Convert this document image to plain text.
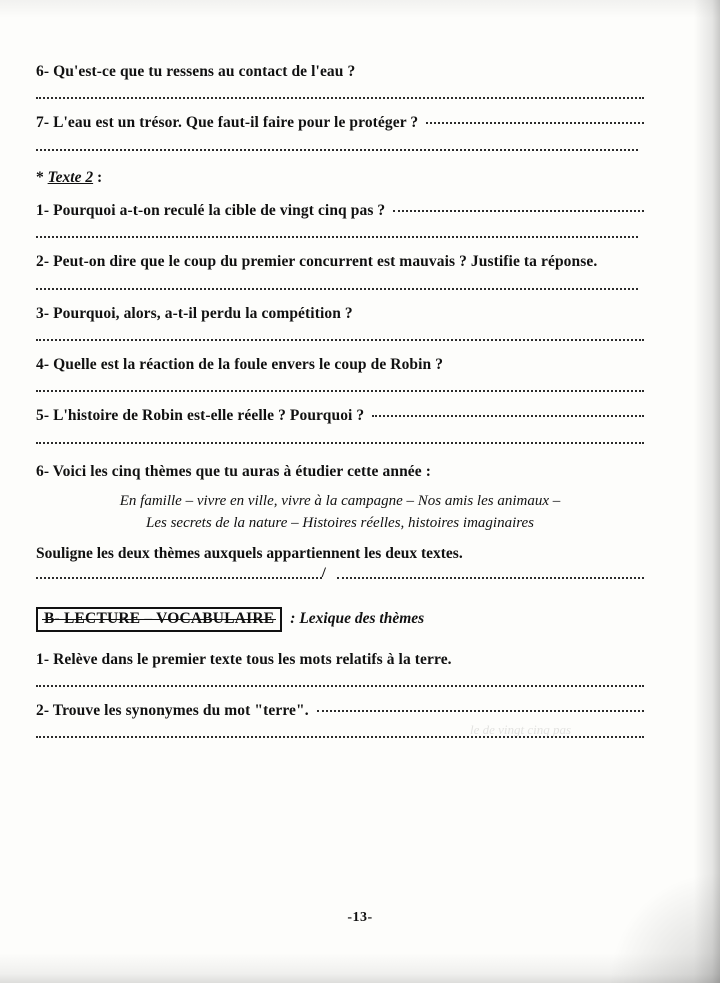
6- Qu'est-ce que tu ressens au contact de l'eau ?

7- L'eau est un trésor. Que faut-il faire pour le protéger ?

* Texte 2 :

1- Pourquoi a-t-on reculé la cible de vingt cinq pas ?

2- Peut-on dire que le coup du premier concurrent est mauvais ? Justifie ta réponse.

3- Pourquoi, alors, a-t-il perdu la compétition ?

4- Quelle est la réaction de la foule envers le coup de Robin ?

5- L'histoire de Robin est-elle réelle ? Pourquoi ?

6- Voici les cinq thèmes que tu auras à étudier cette année :

En famille – vivre en ville, vivre à la campagne – Nos amis les animaux –
Les secrets de la nature – Histoires réelles, histoires imaginaires

Souligne les deux thèmes auxquels appartiennent les deux textes.

/
B- LECTURE – VOCABULAIRE	: Lexique des thèmes

1- Relève dans le premier texte tous les mots relatifs à la terre.

2- Trouve les synonymes du mot "terre".

le de vingt cinq pas
-13-
